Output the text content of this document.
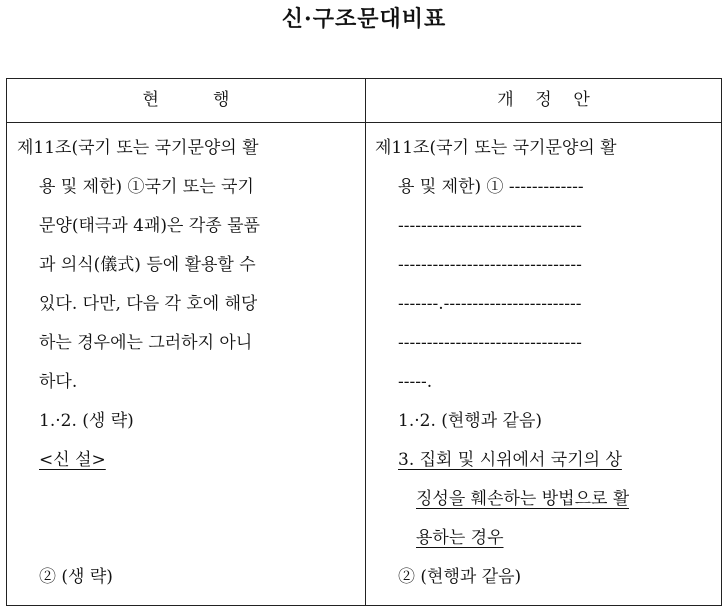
신·구조문대비표
현          행	개    정    안
제11조(국기 또는 국기문양의 활
용 및 제한) ①국기 또는 국기
문양(태극과 4괘)은 각종 물품
과 의식(儀式) 등에 활용할 수
있다. 다만, 다음 각 호에 해당
하는 경우에는 그러하지 아니
하다.
1.·2. (생 략)
<신 설>
② (생 략)
제11조(국기 또는 국기문양의 활
용 및 제한) ① -------------
--------------------------------
--------------------------------
-------.------------------------
--------------------------------
-----.
1.·2. (현행과 같음)
3. 집회 및 시위에서 국기의 상
징성을 훼손하는 방법으로 활
용하는 경우
② (현행과 같음)
